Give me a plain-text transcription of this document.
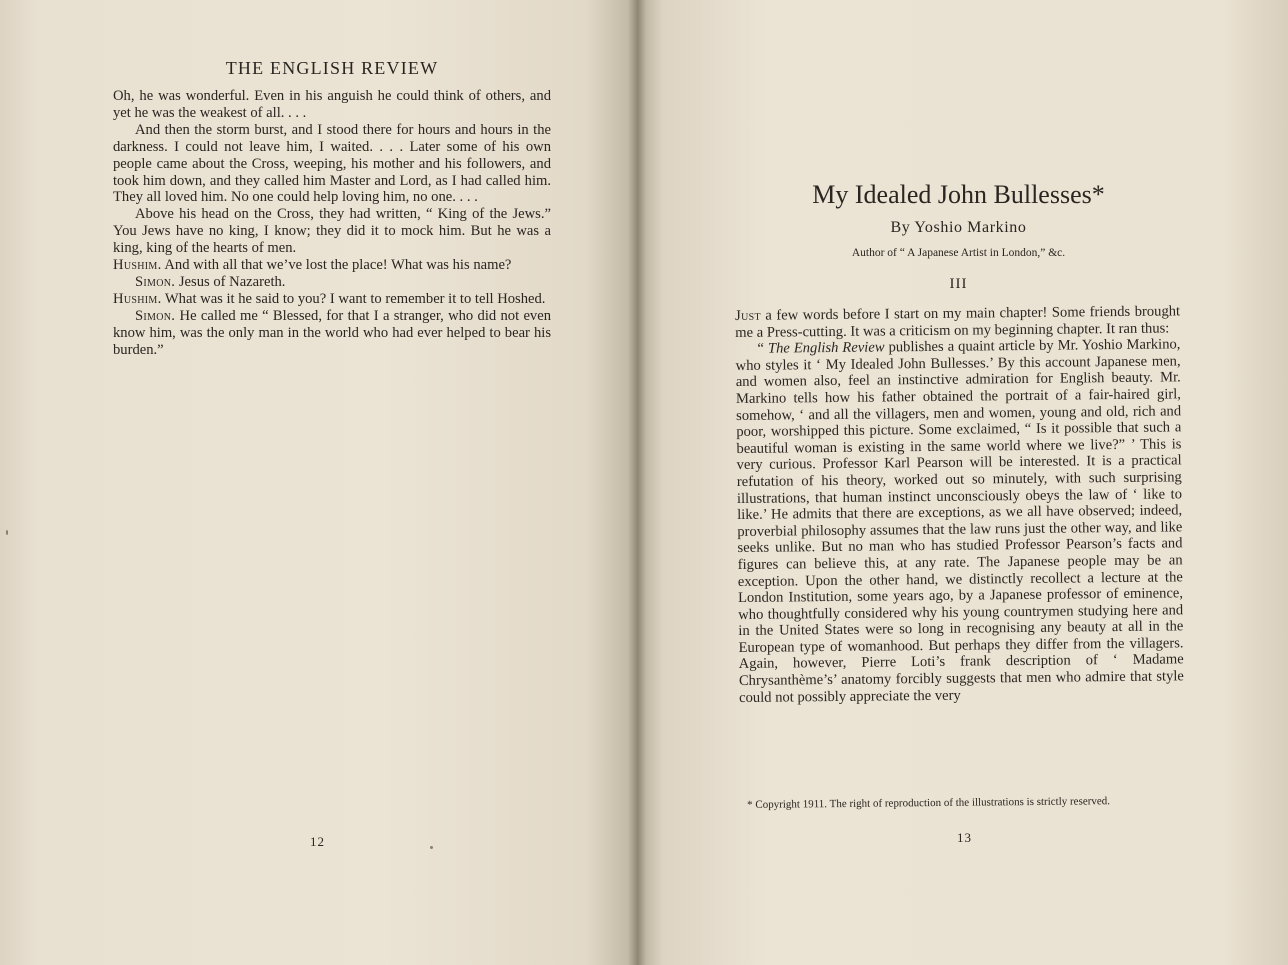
THE ENGLISH REVIEW

Oh, he was wonderful. Even in his anguish he could think of others, and yet he was the weakest of all. . . .

And then the storm burst, and I stood there for hours and hours in the darkness. I could not leave him, I waited. . . . Later some of his own people came about the Cross, weeping, his mother and his followers, and took him down, and they called him Master and Lord, as I had called him. They all loved him. No one could help loving him, no one. . . .

Above his head on the Cross, they had written, “ King of the Jews.” You Jews have no king, I know; they did it to mock him. But he was a king, king of the hearts of men.

Hushim. And with all that we’ve lost the place! What was his name?

Simon. Jesus of Nazareth.

Hushim. What was it he said to you? I want to remember it to tell Hoshed.

Simon. He called me “ Blessed, for that I a stranger, who did not even know him, was the only man in the world who had ever helped to bear his burden.”

12
My Idealed John Bullesses*
By Yoshio Markino
Author of “ A Japanese Artist in London,” &c.
III

Just a few words before I start on my main chapter! Some friends brought me a Press-cutting. It was a criticism on my beginning chapter. It ran thus:

“ The English Review publishes a quaint article by Mr. Yoshio Markino, who styles it ‘ My Idealed John Bullesses.’ By this account Japanese men, and women also, feel an instinctive admiration for English beauty. Mr. Markino tells how his father obtained the portrait of a fair-haired girl, somehow, ‘ and all the villagers, men and women, young and old, rich and poor, worshipped this picture. Some exclaimed, “ Is it possible that such a beautiful woman is existing in the same world where we live?” ’ This is very curious. Professor Karl Pearson will be interested. It is a practical refutation of his theory, worked out so minutely, with such surprising illustrations, that human instinct unconsciously obeys the law of ‘ like to like.’ He admits that there are exceptions, as we all have observed; indeed, proverbial philosophy assumes that the law runs just the other way, and like seeks unlike. But no man who has studied Professor Pearson’s facts and figures can believe this, at any rate. The Japanese people may be an exception. Upon the other hand, we distinctly recollect a lecture at the London Institution, some years ago, by a Japanese professor of eminence, who thoughtfully considered why his young countrymen studying here and in the United States were so long in recognising any beauty at all in the European type of womanhood. But perhaps they differ from the villagers. Again, however, Pierre Loti’s frank description of ‘ Madame Chrysanthème’s’ anatomy forcibly suggests that men who admire that style could not possibly appreciate the very

* Copyright 1911. The right of reproduction of the illustrations is strictly reserved.
13
